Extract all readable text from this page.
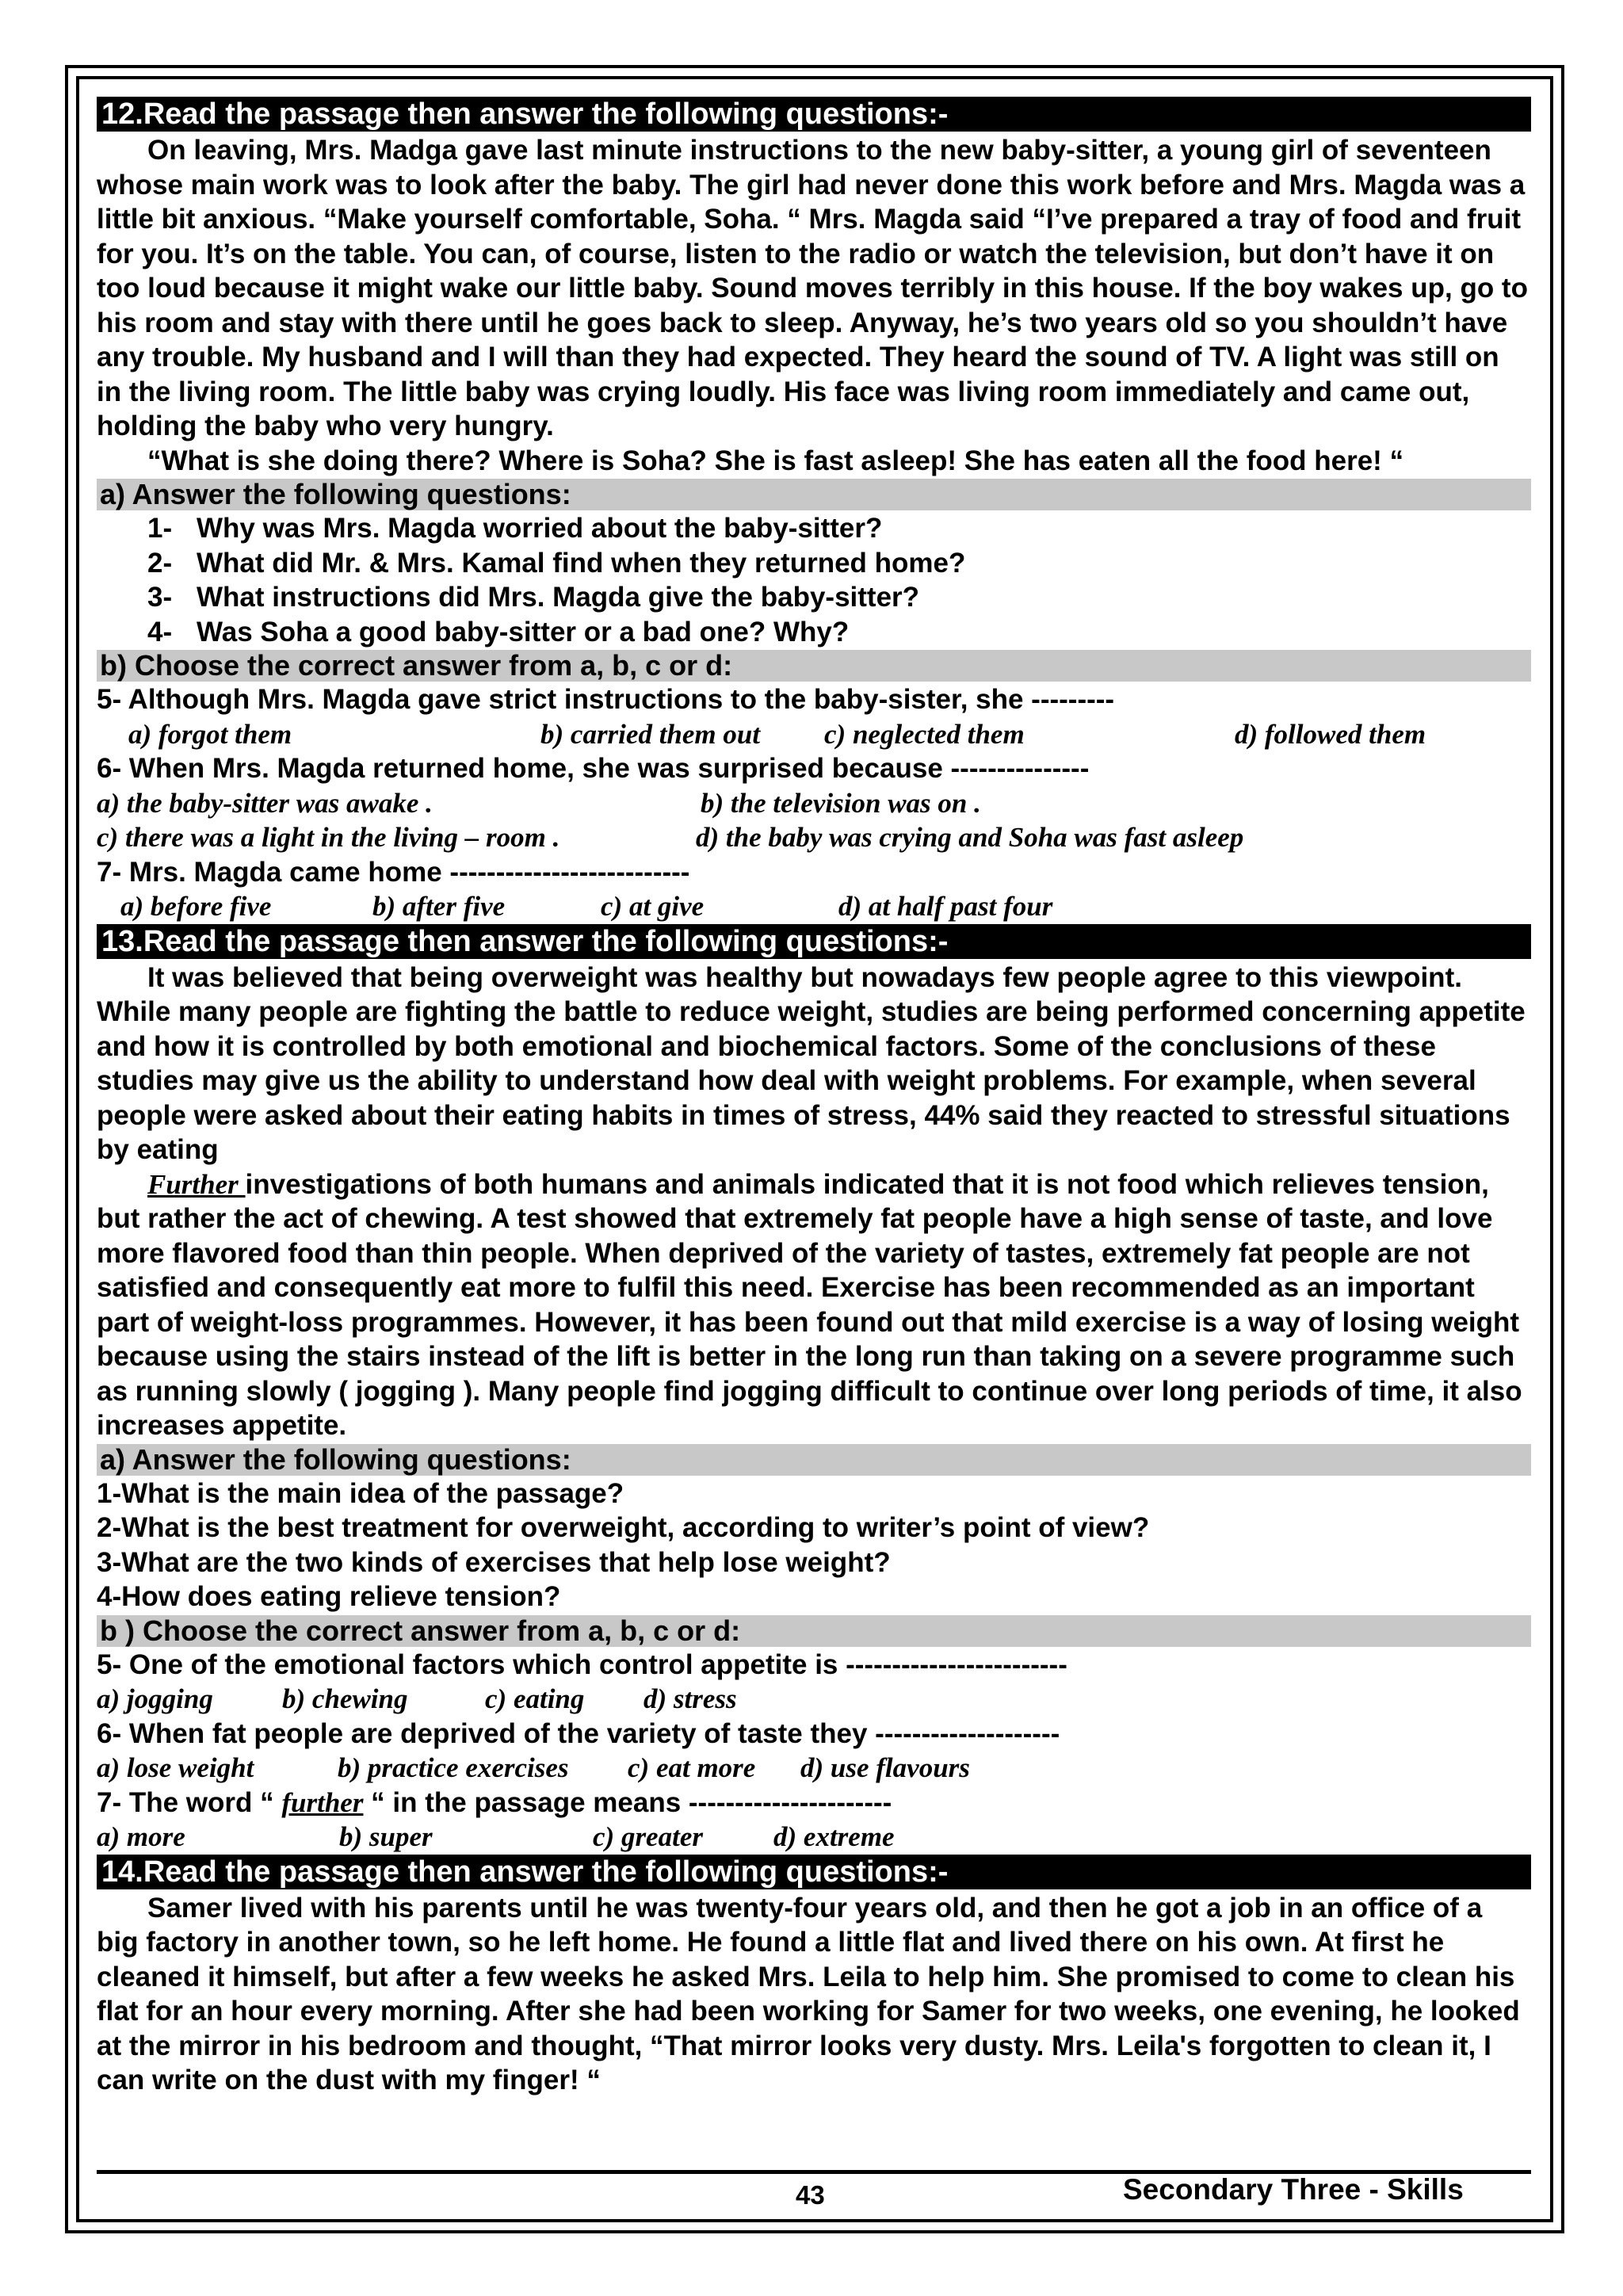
12.Read the passage then answer the following questions:-
On leaving, Mrs. Madga gave last minute instructions to the new baby-sitter, a young girl of seventeen whose main work was to look after the baby. The girl had never done this work before and Mrs. Magda was a little bit anxious. “Make yourself comfortable, Soha. “ Mrs. Magda said “I’ve prepared a tray of food and fruit for you. It’s on the table. You can, of course, listen to the radio or watch the television, but don’t have it on too loud because it might wake our little baby. Sound moves terribly in this house. If the boy wakes up, go to his room and stay with there until he goes back to sleep. Anyway, he’s two years old so you shouldn’t have any trouble. My husband and I will than they had expected. They heard the sound of TV. A light was still on in the living room. The little baby was crying loudly. His face was living room immediately and came out, holding the baby who very hungry.
“What is she doing there? Where is Soha? She is fast asleep! She has eaten all the food here! “
a) Answer the following questions:
1- Why was Mrs. Magda worried about the baby-sitter?
2- What did Mr. & Mrs. Kamal find when they returned home?
3- What instructions did Mrs. Magda give the baby-sitter?
4- Was Soha a good baby-sitter or a bad one? Why?
b) Choose the correct answer from a, b, c or d:
5- Although Mrs. Magda gave strict instructions to the baby-sister, she ---------
a) forgot them	b) carried them out c) neglected them	d) followed them
6- When Mrs. Magda returned home, she was surprised because ---------------
a) the baby-sitter was awake .	b) the television was on .
c) there was a light in the living – room .	d) the baby was crying and Soha was fast asleep
7- Mrs. Magda came home --------------------------
a) before five	b) after five	c) at give	d) at half past four
13.Read the passage then answer the following questions:-
It was believed that being overweight was healthy but nowadays few people agree to this viewpoint. While many people are fighting the battle to reduce weight, studies are being performed concerning appetite and how it is controlled by both emotional and biochemical factors. Some of the conclusions of these studies may give us the ability to understand how deal with weight problems. For example, when several people were asked about their eating habits in times of stress, 44% said they reacted to stressful situations by eating
Further investigations of both humans and animals indicated that it is not food which relieves tension, but rather the act of chewing. A test showed that extremely fat people have a high sense of taste, and love more flavored food than thin people. When deprived of the variety of tastes, extremely fat people are not satisfied and consequently eat more to fulfil this need. Exercise has been recommended as an important part of weight-loss programmes. However, it has been found out that mild exercise is a way of losing weight because using the stairs instead of the lift is better in the long run than taking on a severe programme such as running slowly ( jogging ). Many people find jogging difficult to continue over long periods of time, it also increases appetite.
a) Answer the following questions:
1-What is the main idea of the passage?
2-What is the best treatment for overweight, according to writer’s point of view?
3-What are the two kinds of exercises that help lose weight?
4-How does eating relieve tension?
b ) Choose the correct answer from a, b, c or d:
5- One of the emotional factors which control appetite is ------------------------
a) jogging b) chewing	c) eating d) stress
6- When fat people are deprived of the variety of taste they --------------------
a) lose weight	b) practice exercises c) eat more d) use flavours
7- The word “ further “ in the passage means ----------------------
a) more	b) super	c) greater	d) extreme
14.Read the passage then answer the following questions:-
Samer lived with his parents until he was twenty-four years old, and then he got a job in an office of a big factory in another town, so he left home. He found a little flat and lived there on his own. At first he cleaned it himself, but after a few weeks he asked Mrs. Leila to help him. She promised to come to clean his flat for an hour every morning. After she had been working for Samer for two weeks, one evening, he looked at the mirror in his bedroom and thought, “That mirror looks very dusty. Mrs. Leila's forgotten to clean it, I can write on the dust with my finger! “
43	Secondary Three - Skills
